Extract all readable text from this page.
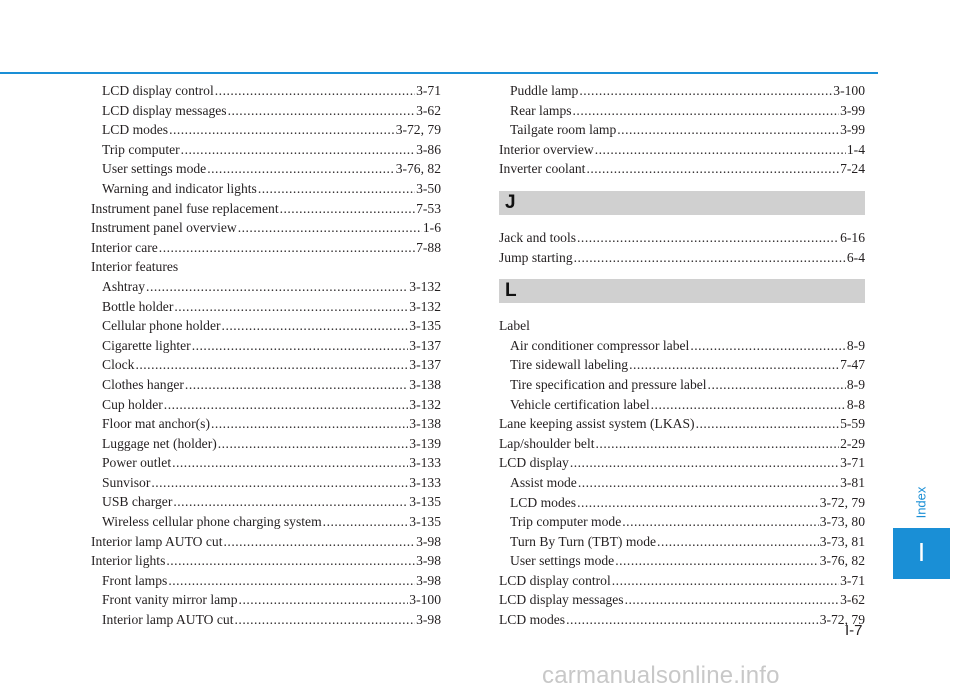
LCD display control .....	3-71
LCD display messages .....	3-62
LCD modes .....	3-72, 79
Trip computer .....	3-86
User settings mode .....	3-76, 82
Warning and indicator lights .....	3-50
Instrument panel fuse replacement .....	7-53
Instrument panel overview .....	1-6
Interior care .....	7-88
Interior features
Ashtray .....	3-132
Bottle holder .....	3-132
Cellular phone holder .....	3-135
Cigarette lighter .....	3-137
Clock .....	3-137
Clothes hanger .....	3-138
Cup holder .....	3-132
Floor mat anchor(s) .....	3-138
Luggage net (holder) .....	3-139
Power outlet .....	3-133
Sunvisor .....	3-133
USB charger .....	3-135
Wireless cellular phone charging system .....	3-135
Interior lamp AUTO cut .....	3-98
Interior lights .....	3-98
Front lamps .....	3-98
Front vanity mirror lamp .....	3-100
Interior lamp AUTO cut .....	3-98
Puddle lamp .....	3-100
Rear lamps .....	3-99
Tailgate room lamp .....	3-99
Interior overview .....	1-4
Inverter coolant .....	7-24
J
Jack and tools .....	6-16
Jump starting .....	6-4
L
Label
Air conditioner compressor label .....	8-9
Tire sidewall labeling .....	7-47
Tire specification and pressure label .....	8-9
Vehicle certification label .....	8-8
Lane keeping assist system (LKAS) .....	5-59
Lap/shoulder belt .....	2-29
LCD display .....	3-71
Assist mode .....	3-81
LCD modes .....	3-72, 79
Trip computer mode .....	3-73, 80
Turn By Turn (TBT) mode .....	3-73, 81
User settings mode .....	3-76, 82
LCD display control .....	3-71
LCD display messages .....	3-62
LCD modes .....	3-72, 79
Index
I
I-7
carmanualsonline.info
